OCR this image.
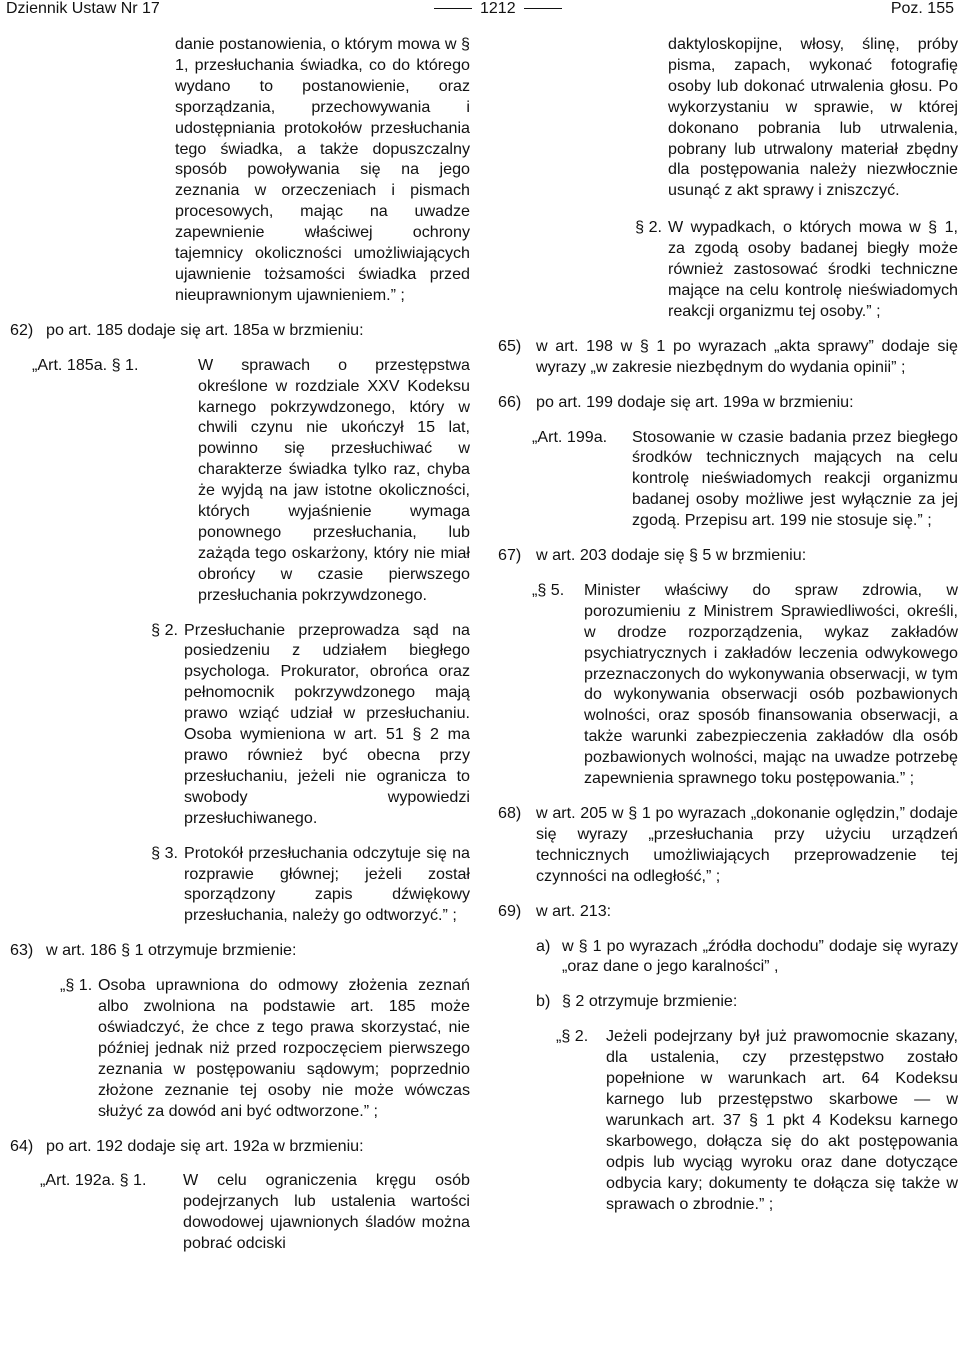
Dziennik Ustaw Nr 17	1212	Poz. 155

danie postanowienia, o którym mowa w § 1, przesłuchania świadka, co do którego wydano to postanowienie, oraz sporządzania, przechowywania i udostępniania protokołów przesłuchania tego świadka, a także dopuszczalny sposób powoływania się na jego zeznania w orzeczeniach i pismach procesowych, mając na uwadze zapewnienie właściwej ochrony tajemnicy okoliczności umożliwiających ujawnienie tożsamości świadka przed nieuprawnionym ujawnieniem.” ;

62) po art. 185 dodaje się art. 185a w brzmieniu:
„Art. 185a. § 1.	W sprawach o przestępstwa określone w rozdziale XXV Kodeksu karnego pokrzywdzonego, który w chwili czynu nie ukończył 15 lat, powinno się przesłuchiwać w charakterze świadka tylko raz, chyba że wyjdą na jaw istotne okoliczności, których wyjaśnienie wymaga ponownego przesłuchania, lub zażąda tego oskarżony, który nie miał obrońcy w czasie pierwszego przesłuchania pokrzywdzonego.
§ 2. Przesłuchanie przeprowadza sąd na posiedzeniu z udziałem biegłego psychologa. Prokurator, obrońca oraz pełnomocnik pokrzywdzonego mają prawo wziąć udział w przesłuchaniu. Osoba wymieniona w art. 51 § 2 ma prawo również być obecna przy przesłuchaniu, jeżeli nie ogranicza to swobody wypowiedzi przesłuchiwanego.
§ 3. Protokół przesłuchania odczytuje się na rozprawie głównej; jeżeli został sporządzony zapis dźwiękowy przesłuchania, należy go odtworzyć.” ;
63) w art. 186 § 1 otrzymuje brzmienie:
„§ 1. Osoba uprawniona do odmowy złożenia zeznań albo zwolniona na podstawie art. 185 może oświadczyć, że chce z tego prawa skorzystać, nie później jednak niż przed rozpoczęciem pierwszego zeznania w postępowaniu sądowym; poprzednio złożone zeznanie tej osoby nie może wówczas służyć za dowód ani być odtworzone.” ;
64) po art. 192 dodaje się art. 192a w brzmieniu:
„Art. 192a. § 1.	W celu ograniczenia kręgu osób podejrzanych lub ustalenia wartości dowodowej ujawnionych śladów można pobrać odciski

daktyloskopijne, włosy, ślinę, próby pisma, zapach, wykonać fotografię osoby lub dokonać utrwalenia głosu. Po wykorzystaniu w sprawie, w której dokonano pobrania lub utrwalenia, pobrany lub utrwalony materiał zbędny dla postępowania należy niezwłocznie usunąć z akt sprawy i zniszczyć.

§ 2. W wypadkach, o których mowa w § 1, za zgodą osoby badanej biegły może również zastosować środki techniczne mające na celu kontrolę nieświadomych reakcji organizmu tej osoby.” ;
65) w art. 198 w § 1 po wyrazach „akta sprawy” dodaje się wyrazy „w zakresie niezbędnym do wydania opinii” ;
66) po art. 199 dodaje się art. 199a w brzmieniu:
„Art. 199a.	Stosowanie w czasie badania przez biegłego środków technicznych mających na celu kontrolę nieświadomych reakcji organizmu badanej osoby możliwe jest wyłącznie za jej zgodą. Przepisu art. 199 nie stosuje się.” ;
67) w art. 203 dodaje się § 5 w brzmieniu:
„§ 5.	Minister właściwy do spraw zdrowia, w porozumieniu z Ministrem Sprawiedliwości, określi, w drodze rozporządzenia, wykaz zakładów psychiatrycznych i zakładów leczenia odwykowego przeznaczonych do wykonywania obserwacji, w tym do wykonywania obserwacji osób pozbawionych wolności, oraz sposób finansowania obserwacji, a także warunki zabezpieczenia zakładów dla osób pozbawionych wolności, mając na uwadze potrzebę zapewnienia sprawnego toku postępowania.” ;
68) w art. 205 w § 1 po wyrazach „dokonanie oględzin,” dodaje się wyrazy „przesłuchania przy użyciu urządzeń technicznych umożliwiających przeprowadzenie tej czynności na odległość,” ;
69) w art. 213:
a) w § 1 po wyrazach „źródła dochodu” dodaje się wyrazy „oraz dane o jego karalności” ,
b) § 2 otrzymuje brzmienie:
„§ 2.	Jeżeli podejrzany był już prawomocnie skazany, dla ustalenia, czy przestępstwo zostało popełnione w warunkach art. 64 Kodeksu karnego lub przestępstwo skarbowe — w warunkach art. 37 § 1 pkt 4 Kodeksu karnego skarbowego, dołącza się do akt postępowania odpis lub wyciąg wyroku oraz dane dotyczące odbycia kary; dokumenty te dołącza się także w sprawach o zbrodnie.” ;
